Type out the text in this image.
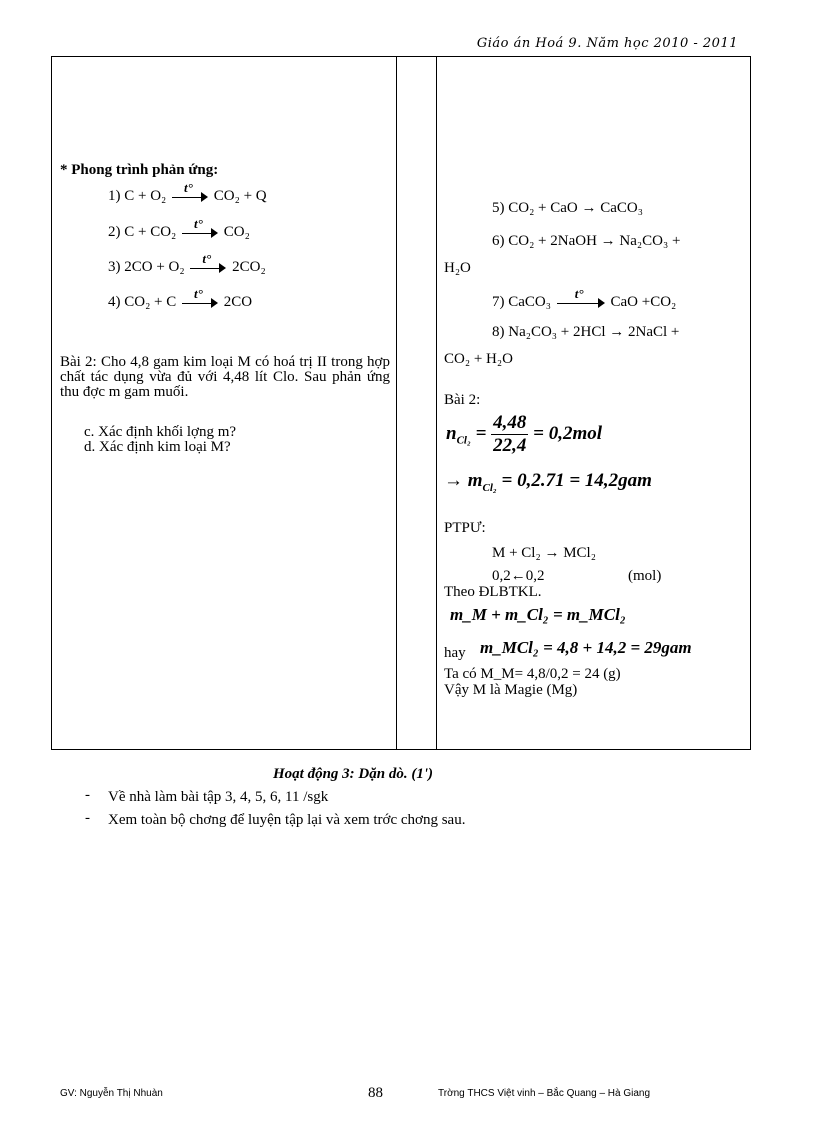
Giáo án Hoá 9. Năm học 2010 - 2011
* Phong trình phản ứng:
1) C + O₂
t°
CO₂ + Q
2) C + CO₂
t°
CO₂
3) 2CO + O₂
t°
2CO₂
4) CO₂ + C
t°
2CO
Bài 2: Cho 4,8 gam kim loại M có hoá trị II trong hợp chất tác dụng vừa đủ với 4,48 lít Clo. Sau phản ứng thu đợc m gam muối.
c. Xác định khối lợng m?
d. Xác định kim loại M?
5) CO₂ + CaO → CaCO₃
6) CO₂ + 2NaOH → Na₂CO₃ +
H₂O
7) CaCO₃
t°
CaO +CO₂
8) Na₂CO₃ + 2HCl → 2NaCl +
CO₂ + H₂O
Bài 2:
$n_{Cl_2} = \frac{4,48}{22,4} = 0,2mol$
→ $m_{Cl_2} = 0,2.71 = 14,2gam$
PTPƯ:
M + Cl₂ → MCl₂
0,2←0,2	(mol)
Theo ĐLBTKL.
m_M + m_Cl₂ = m_MCl₂
hay m_MCl₂ = 4,8 + 14,2 = 29gam
Ta có M_M= 4,8/0,2 = 24 (g)
Vậy M là Magie (Mg)
Hoạt động 3: Dặn dò. (1')
- Về nhà làm bài tập 3, 4, 5, 6, 11 /sgk
- Xem toàn bộ chơng để luyện tập lại và xem trớc chơng sau.
GV: Nguyễn Thị Nhuàn	88	Trờng THCS Việt vinh – Bắc Quang – Hà Giang
